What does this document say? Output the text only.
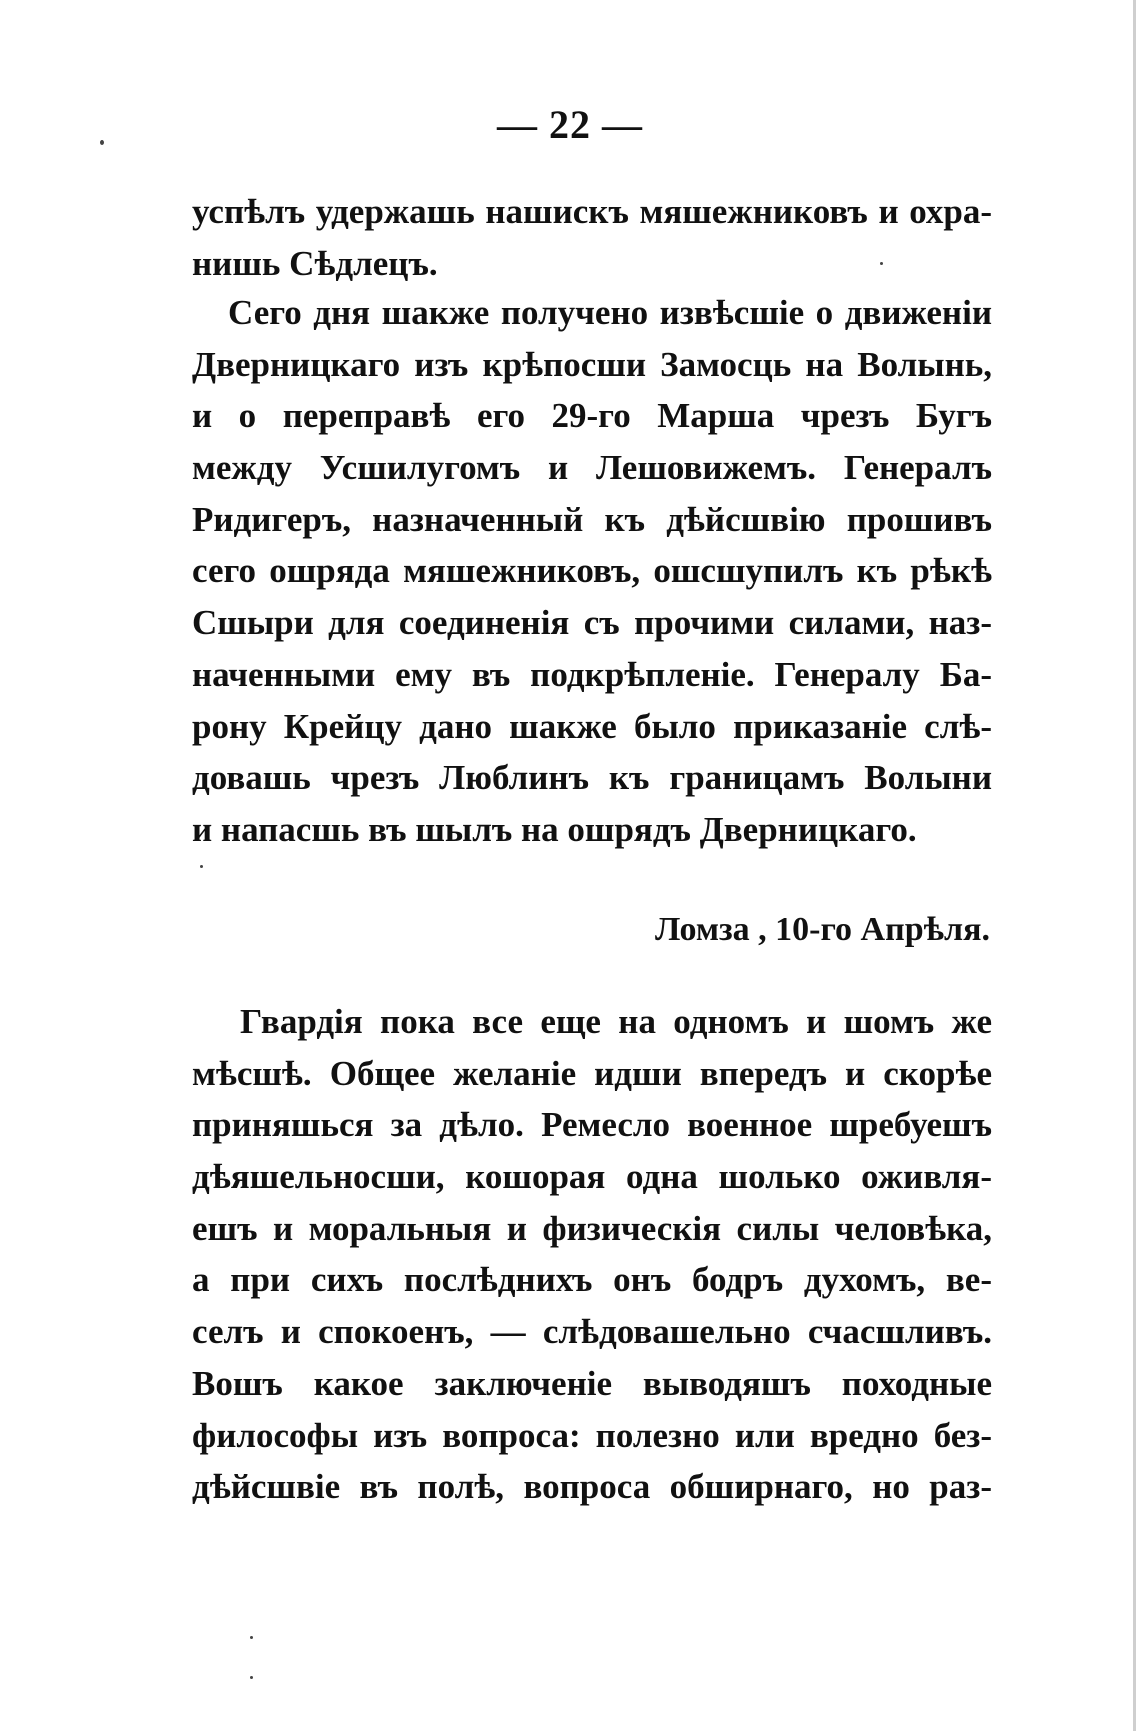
— 22 —
успѣлъ удержашь нашискъ мяшежниковъ и охра-
нишь Сѣдлецъ.
Сего дня шакже получено извѣсшіе о движеніи
Дверницкаго изъ крѣпосши Замосць на Волынь,
и о переправѣ его 29-го Марша чрезъ Бугъ
между Усшилугомъ и Лешовижемъ. Генералъ
Ридигеръ, назначенный къ дѣйсшвію прошивъ
сего ошряда мяшежниковъ, ошсшупилъ къ рѣкѣ
Сшыри для соединенія съ прочими силами, наз-
наченными ему въ подкрѣпленіе. Генералу Ба-
рону Крейцу дано шакже было приказаніе слѣ-
довашь чрезъ Люблинъ къ границамъ Волыни
и напасшь въ шылъ на ошрядъ Дверницкаго.
Ломза , 10-го Апрѣля.
Гвардія пока все еще на одномъ и шомъ же
мѣсшѣ. Общее желаніе идши впередъ и скорѣе
приняшься за дѣло. Ремесло военное шребуешъ
дѣяшельносши, кошорая одна шолько оживля-
ешъ и моральныя и физическія силы человѣка,
а при сихъ послѣднихъ онъ бодръ духомъ, ве-
селъ и спокоенъ, — слѣдовашельно счасшливъ.
Вошъ какое заключеніе выводяшъ походные
философы изъ вопроса: полезно или вредно без-
дѣйсшвіе въ полѣ, вопроса обширнаго, но раз-
